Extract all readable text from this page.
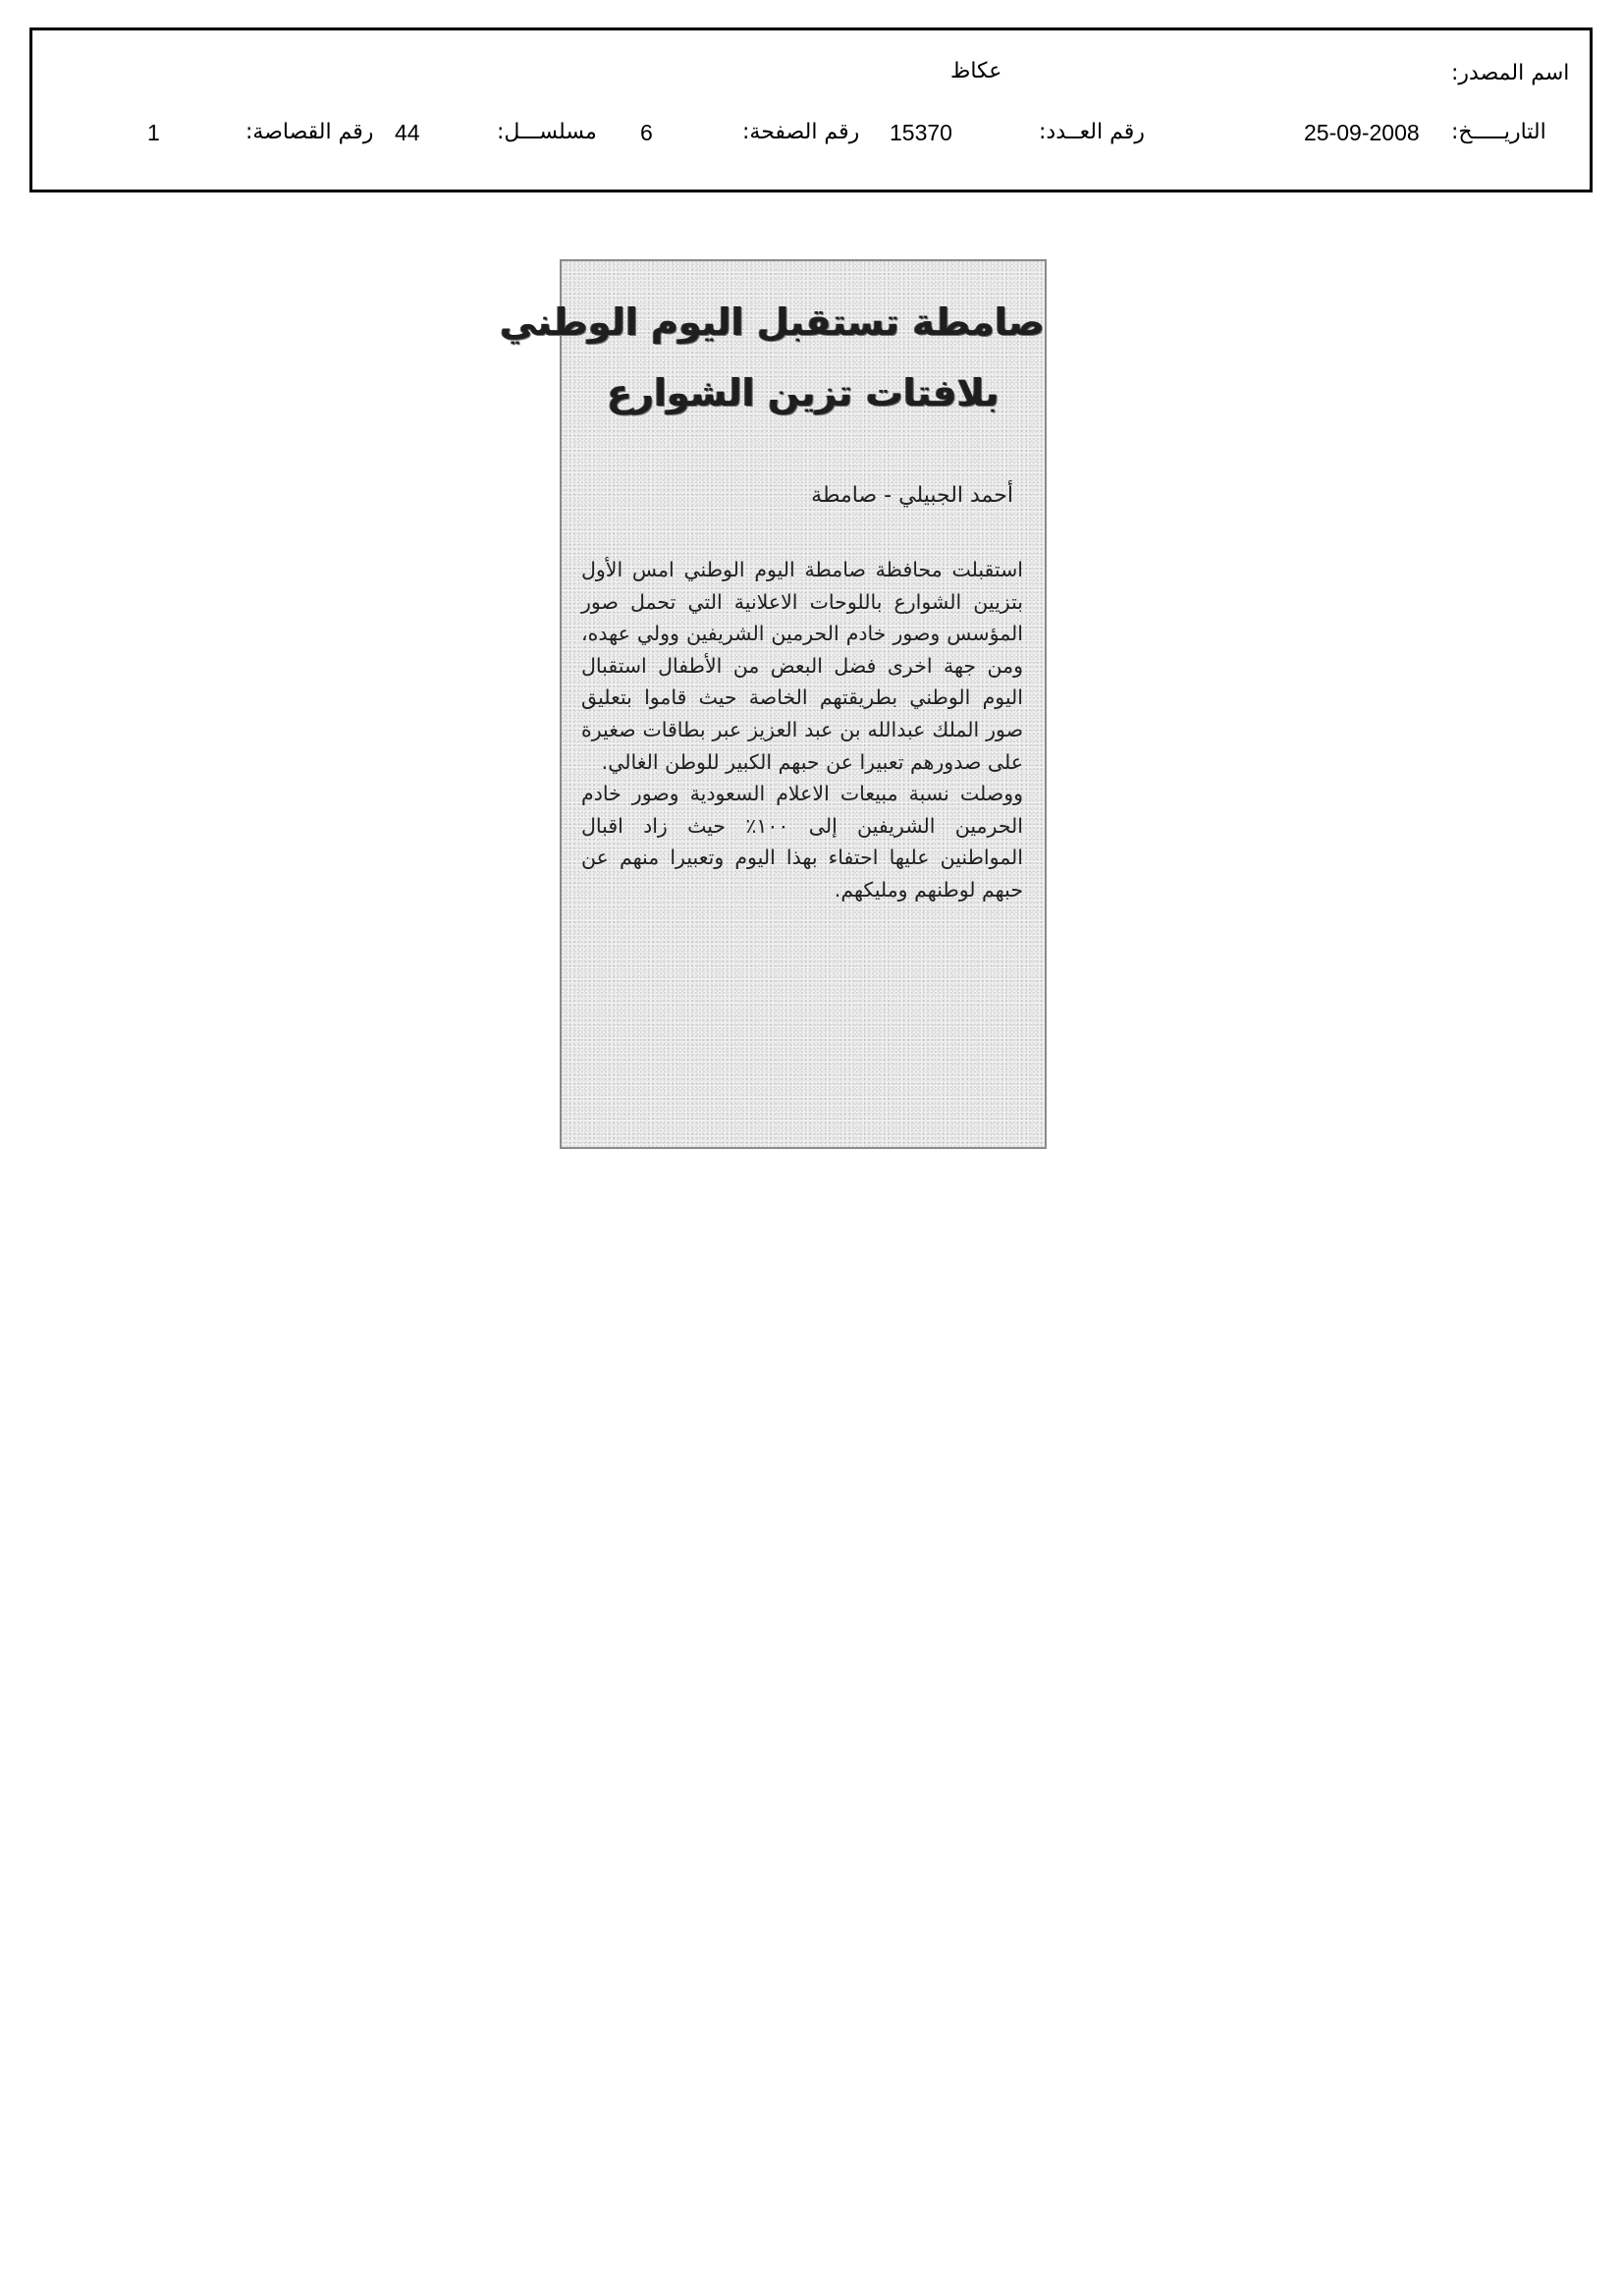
اسم المصدر:
عكاظ
التاريـــــخ:
25-09-2008
رقم العــدد:
15370
رقم الصفحة:
6
مسلســـل:
44
رقم القصاصة:
1
صامطة تستقبل اليوم الوطني
بلافتات تزين الشوارع
أحمد الجبيلي - صامطة

استقبلت محافظة صامطة اليوم الوطني امس الأول بتزيين الشوارع باللوحات الاعلانية التي تحمل صور المؤسس وصور خادم الحرمين الشريفين وولي عهده، ومن جهة اخرى فضل البعض من الأطفال استقبال اليوم الوطني بطريقتهم الخاصة حيث قاموا بتعليق صور الملك عبدالله بن عبد العزيز عبر بطاقات صغيرة على صدورهم تعبيرا عن حبهم الكبير للوطن الغالي.

ووصلت نسبة مبيعات الاعلام السعودية وصور خادم الحرمين الشريفين إلى ١٠٠٪ حيث زاد اقبال المواطنين عليها احتفاء بهذا اليوم وتعبيرا منهم عن حبهم لوطنهم ومليكهم.
